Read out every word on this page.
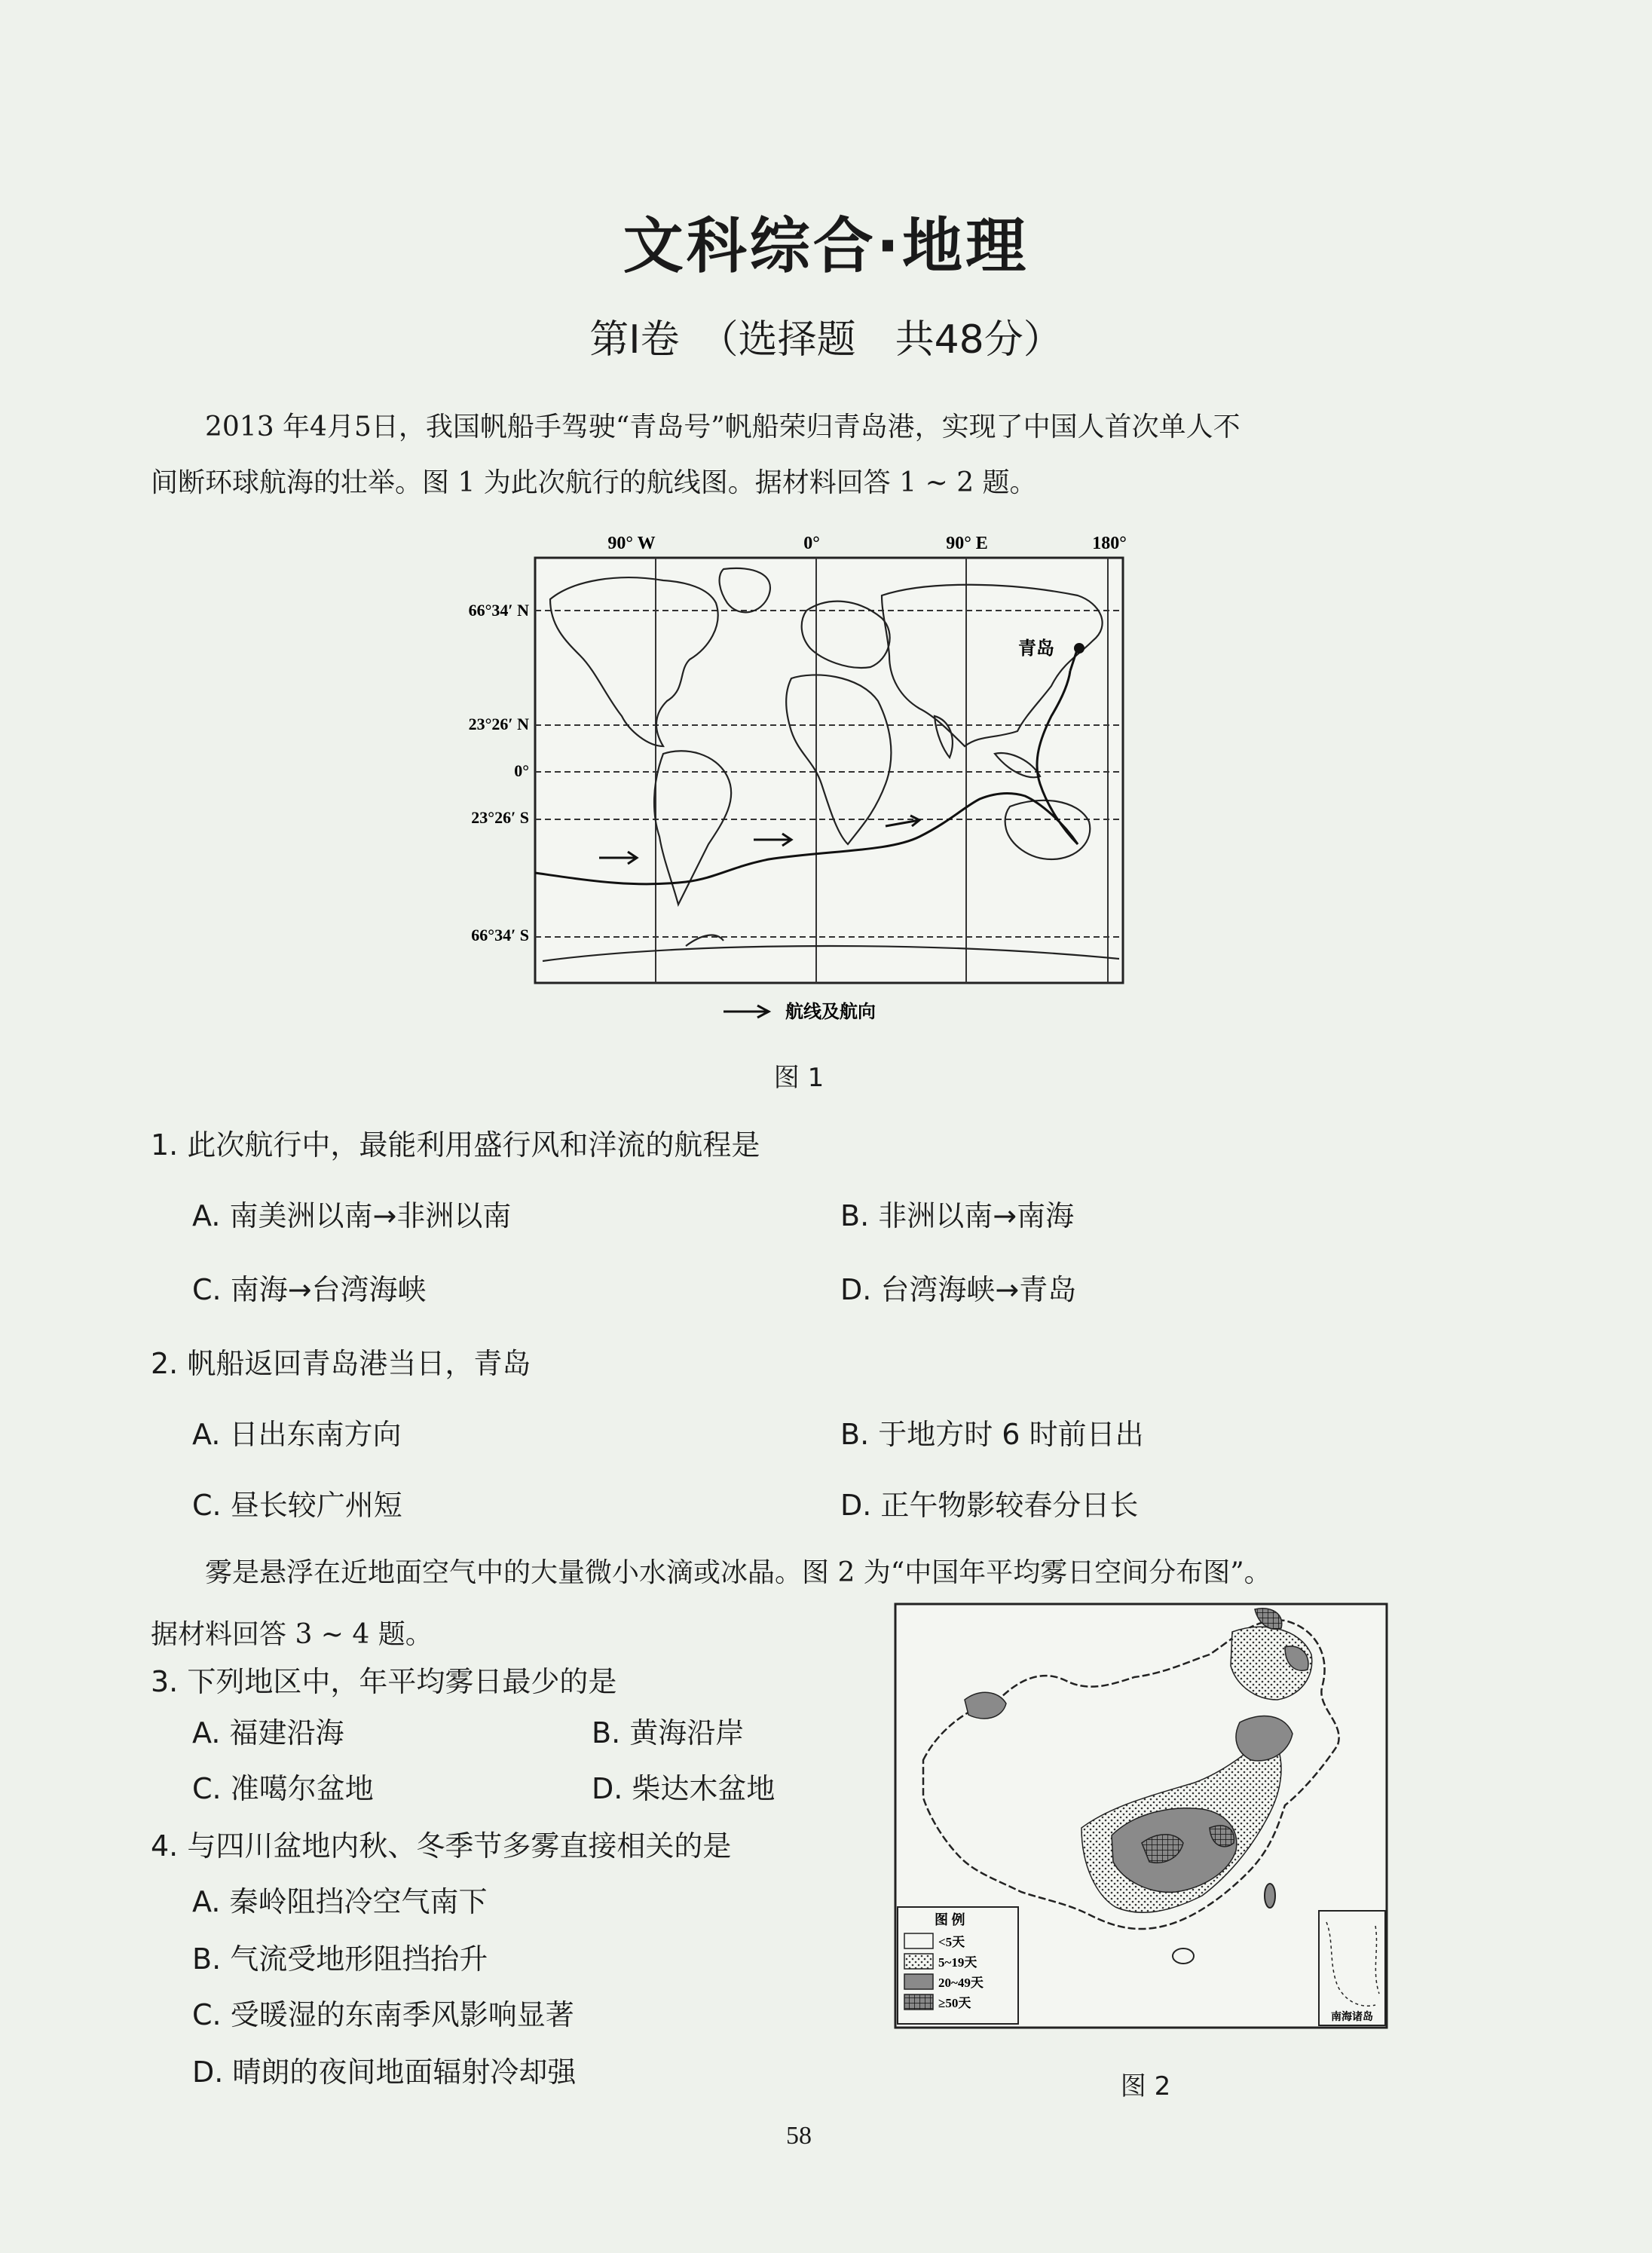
文科综合·地理
第Ⅰ卷　（选择题　共48分）

2013 年4月5日，我国帆船手驾驶“青岛号”帆船荣归青岛港，实现了中国人首次单人不

间断环球航海的壮举。图 1 为此次航行的航线图。据材料回答 1 ~ 2 题。

90° W	0°	90° E	180°
66°34′ N
23°26′ N
0°
23°26′ S
66°34′ S
青岛
航线及航向
图 1
1. 此次航行中，最能利用盛行风和洋流的航程是
A. 南美洲以南→非洲以南	B. 非洲以南→南海
C. 南海→台湾海峡	D. 台湾海峡→青岛
2. 帆船返回青岛港当日，青岛
A. 日出东南方向	B. 于地方时 6 时前日出
C. 昼长较广州短	D. 正午物影较春分日长

雾是悬浮在近地面空气中的大量微小水滴或冰晶。图 2 为“中国年平均雾日空间分布图”。

据材料回答 3 ~ 4 题。

3. 下列地区中，年平均雾日最少的是
A. 福建沿海	B. 黄海沿岸
C. 准噶尔盆地	D. 柴达木盆地
4. 与四川盆地内秋、冬季节多雾直接相关的是
A. 秦岭阻挡冷空气南下
B. 气流受地形阻挡抬升
C. 受暖湿的东南季风影响显著
D. 晴朗的夜间地面辐射冷却强
图 例
<5天
5~19天
20~49天
≥50天
南海诸岛
图 2
58
